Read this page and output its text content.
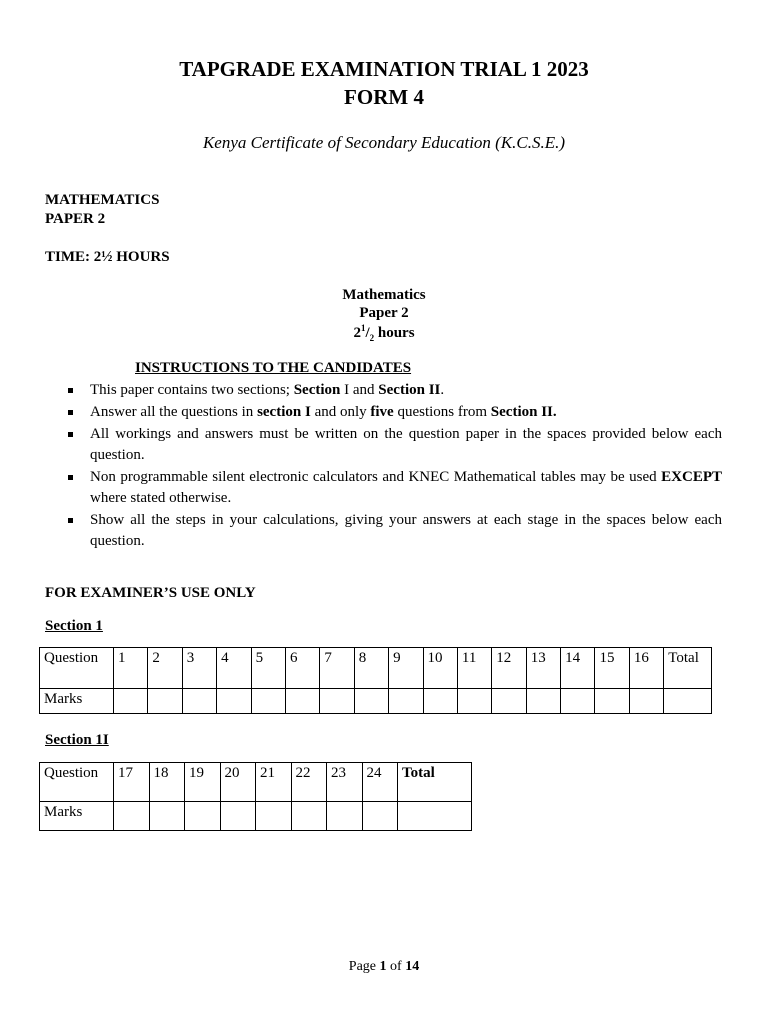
TAPGRADE EXAMINATION TRIAL 1 2023
FORM 4
Kenya Certificate of Secondary Education (K.C.S.E.)
MATHEMATICS
PAPER 2
TIME: 2½ HOURS
Mathematics
Paper 2
$2^1/_2$ hours
INSTRUCTIONS TO THE CANDIDATES
This paper contains two sections; Section I and Section II.
Answer all the questions in section I and only five questions from Section II.
All workings and answers must be written on the question paper in the spaces provided below each question.
Non programmable silent electronic calculators and KNEC Mathematical tables may be used EXCEPT where stated otherwise.
Show all the steps in your calculations, giving your answers at each stage in the spaces below each question.
FOR EXAMINER’S USE ONLY
Section 1
Question	1	2	3	4	5	6	7	8	9	10	11	12	13	14	15	16	Total
Marks																	
Section 1I
Question	17	18	19	20	21	22	23	24	Total
Marks									
Page 1 of 14
